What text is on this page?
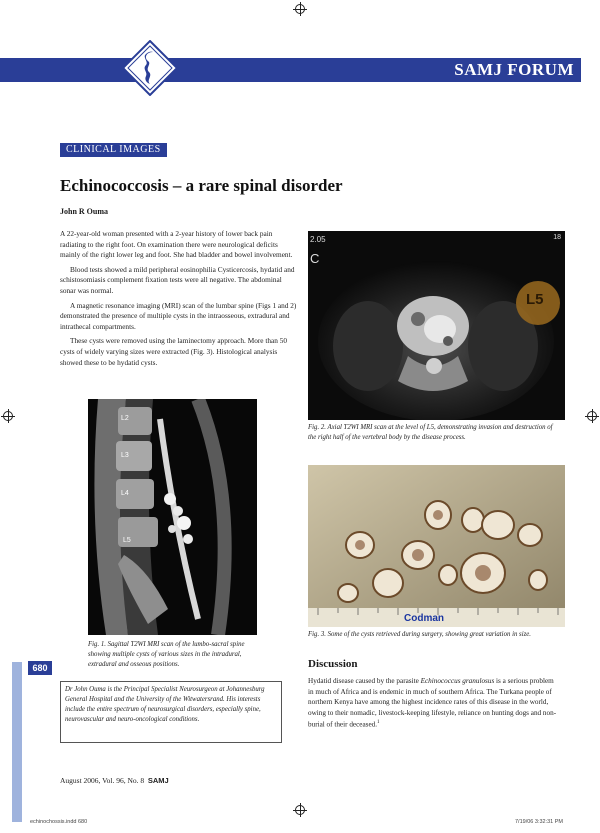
SAMJ FORUM
CLINICAL IMAGES
Echinococcosis – a rare spinal disorder
John R Ouma

A 22-year-old woman presented with a 2-year history of lower back pain radiating to the right foot. On examination there were neurological deficits mainly of the right lower leg and foot. She had bladder and bowel involvement.

Blood tests showed a mild peripheral eosinophilia Cysticercosis, hydatid and schistosomiasis complement fixation tests were all negative. The abdominal sonar was normal.

A magnetic resonance imaging (MRI) scan of the lumbar spine (Figs 1 and 2) demonstrated the presence of multiple cysts in the intraosseous, extradural and intrathecal compartments.

These cysts were removed using the laminectomy approach. More than 50 cysts of widely varying sizes were extracted (Fig. 3). Histological analysis showed these to be hydatid cysts.

2.05
C
18
L5
Fig. 2. Axial T2WI MRI scan at the level of L5, demonstrating invasion and destruction of the right half of the vertebral body by the disease process.
L2
L3
L4
L5
Fig. 1. Sagittal T2WI MRI scan of the lumbo-sacral spine showing multiple cysts of various sizes in the intradural, extradural and osseous positions.
Codman
Fig. 3. Some of the cysts retrieved during surgery, showing great variation in size.
680
Dr John Ouma is the Principal Specialist Neurosurgeon at Johannesburg General Hospital and the University of the Witwatersrand. His interests include the entire spectrum of neurosurgical disorders, especially spine, neurovascular and neuro-oncological conditions.
Discussion
Hydatid disease caused by the parasite Echinococcus granulosus is a serious problem in much of Africa and is endemic in much of southern Africa. The Turkana people of northern Kenya have among the highest incidence rates of this disease in the world, owing to their nomadic, livestock-keeping lifestyle, reliance on hunting dogs and non-burial of their deceased.$^1$
August 2006, Vol. 96, No. 8 SAMJ
echinochossis.indd 680	7/19/06 3:32:31 PM
